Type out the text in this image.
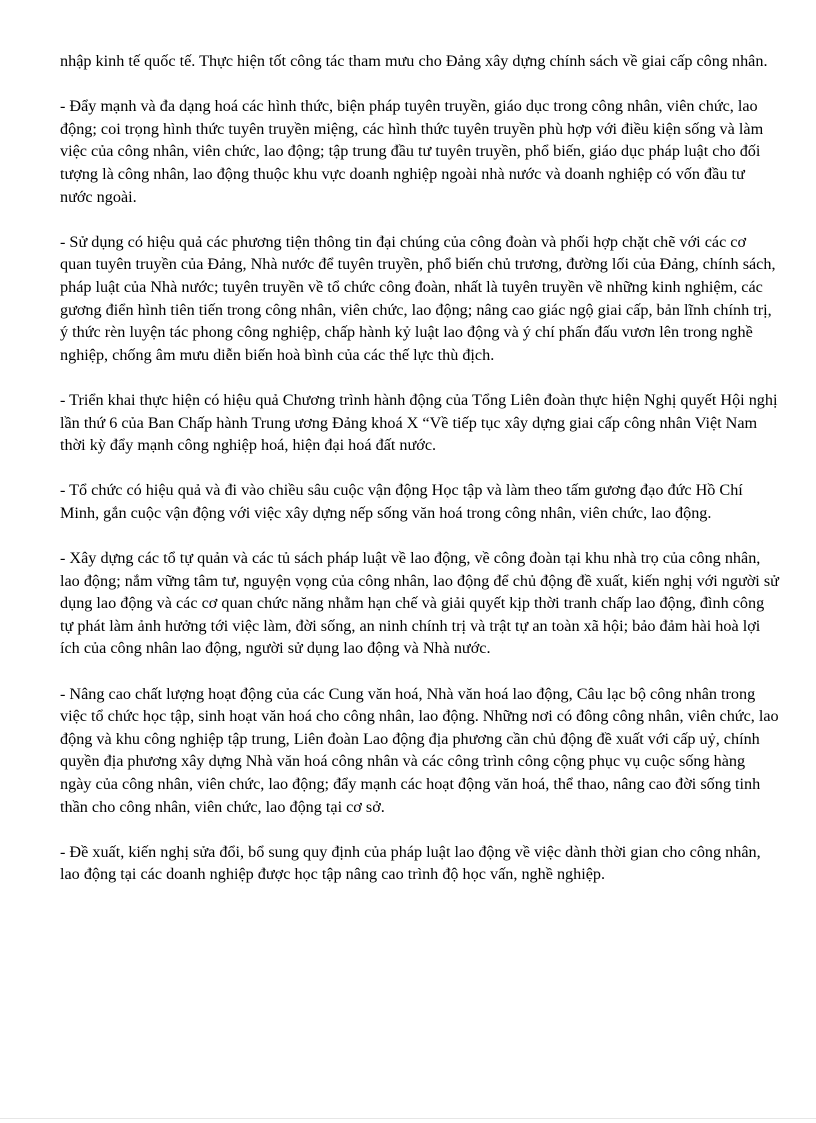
nhập kinh tế quốc tế. Thực hiện tốt công tác tham mưu cho Đảng xây dựng chính sách về giai cấp công nhân.

- Đẩy mạnh và đa dạng hoá các hình thức, biện pháp tuyên truyền, giáo dục trong công nhân, viên chức, lao động; coi trọng hình thức tuyên truyền miệng, các hình thức tuyên truyền phù hợp với điều kiện sống và làm việc của công nhân, viên chức, lao động; tập trung đầu tư tuyên truyền, phổ biến, giáo dục pháp luật cho đối tượng là công nhân, lao động thuộc khu vực doanh nghiệp ngoài nhà nước và doanh nghiệp có vốn đầu tư nước ngoài.

- Sử dụng có hiệu quả các phương tiện thông tin đại chúng của công đoàn và phối hợp chặt chẽ với các cơ quan tuyên truyền của Đảng, Nhà nước để tuyên truyền, phổ biến chủ trương, đường lối của Đảng, chính sách, pháp luật của Nhà nước; tuyên truyền về tổ chức công đoàn, nhất là tuyên truyền về những kinh nghiệm, các gương điển hình tiên tiến trong công nhân, viên chức, lao động; nâng cao giác ngộ giai cấp, bản lĩnh chính trị, ý thức rèn luyện tác phong công nghiệp, chấp hành kỷ luật lao động và ý chí phấn đấu vươn lên trong nghề nghiệp, chống âm mưu diễn biến hoà bình của các thế lực thù địch.

- Triển khai thực hiện có hiệu quả Chương trình hành động của Tổng Liên đoàn thực hiện Nghị quyết Hội nghị lần thứ 6 của Ban Chấp hành Trung ương Đảng khoá X “Về tiếp tục xây dựng giai cấp công nhân Việt Nam thời kỳ đẩy mạnh công nghiệp hoá, hiện đại hoá đất nước.

- Tổ chức có hiệu quả và đi vào chiều sâu cuộc vận động Học tập và làm theo tấm gương đạo đức Hồ Chí Minh, gắn cuộc vận động với việc xây dựng nếp sống văn hoá trong công nhân, viên chức, lao động.

- Xây dựng các tổ tự quản và các tủ sách pháp luật về lao động, về công đoàn tại khu nhà trọ của công nhân, lao động; nắm vững tâm tư, nguyện vọng của công nhân, lao động để chủ động đề xuất, kiến nghị với người sử dụng lao động và các cơ quan chức năng nhằm hạn chế và giải quyết kịp thời tranh chấp lao động, đình công tự phát làm ảnh hưởng tới việc làm, đời sống, an ninh chính trị và trật tự an toàn xã hội; bảo đảm hài hoà lợi ích của công nhân lao động, người sử dụng lao động và Nhà nước.

- Nâng cao chất lượng hoạt động của các Cung văn hoá, Nhà văn hoá lao động, Câu lạc bộ công nhân trong việc tổ chức học tập, sinh hoạt văn hoá cho công nhân, lao động. Những nơi có đông công nhân, viên chức, lao động và khu công nghiệp tập trung, Liên đoàn Lao động địa phương cần chủ động đề xuất với cấp uỷ, chính quyền địa phương xây dựng Nhà văn hoá công nhân và các công trình công cộng phục vụ cuộc sống hàng ngày của công nhân, viên chức, lao động; đẩy mạnh các hoạt động văn hoá, thể thao, nâng cao đời sống tinh thần cho công nhân, viên chức, lao động tại cơ sở.

- Đề xuất, kiến nghị sửa đổi, bổ sung quy định của pháp luật lao động về việc dành thời gian cho công nhân, lao động tại các doanh nghiệp được học tập nâng cao trình độ học vấn, nghề nghiệp.
